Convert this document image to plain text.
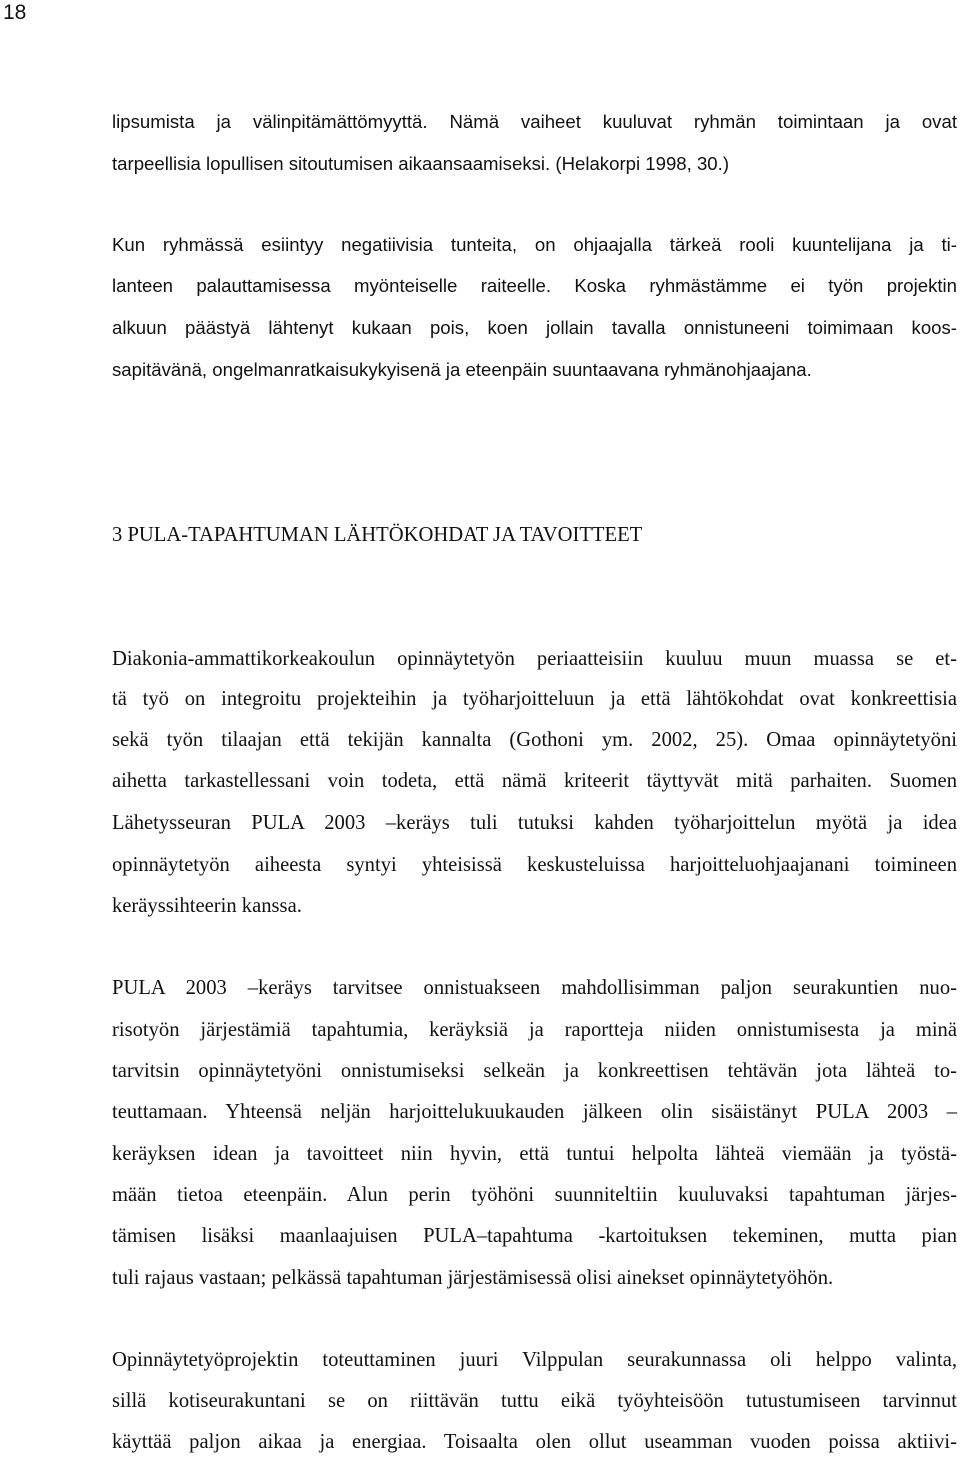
18
lipsumista ja välinpitämättömyyttä. Nämä vaiheet kuuluvat ryhmän toimintaan ja ovat
tarpeellisia lopullisen sitoutumisen aikaansaamiseksi. (Helakorpi 1998, 30.)
Kun ryhmässä esiintyy negatiivisia tunteita, on ohjaajalla tärkeä rooli kuuntelijana ja ti-
lanteen palauttamisessa myönteiselle raiteelle. Koska ryhmästämme ei työn projektin
alkuun päästyä lähtenyt kukaan pois, koen jollain tavalla onnistuneeni toimimaan koos-
sapitävänä, ongelmanratkaisukykyisenä ja eteenpäin suuntaavana ryhmänohjaajana.
3 PULA-TAPAHTUMAN LÄHTÖKOHDAT JA TAVOITTEET
Diakonia-ammattikorkeakoulun opinnäytetyön periaatteisiin kuuluu muun muassa se et-
tä työ on integroitu projekteihin ja työharjoitteluun ja että lähtökohdat ovat konkreettisia
sekä työn tilaajan että tekijän kannalta (Gothoni ym. 2002, 25). Omaa opinnäytetyöni
aihetta tarkastellessani voin todeta, että nämä kriteerit täyttyvät mitä parhaiten. Suomen
Lähetysseuran PULA 2003 –keräys tuli tutuksi kahden työharjoittelun myötä ja idea
opinnäytetyön aiheesta syntyi yhteisissä keskusteluissa harjoitteluohjaajanani toimineen
keräyssihteerin kanssa.
PULA 2003 –keräys tarvitsee onnistuakseen mahdollisimman paljon seurakuntien nuo-
risotyön järjestämiä tapahtumia, keräyksiä ja raportteja niiden onnistumisesta ja minä
tarvitsin opinnäytetyöni onnistumiseksi selkeän ja konkreettisen tehtävän jota lähteä to-
teuttamaan. Yhteensä neljän harjoittelukuukauden jälkeen olin sisäistänyt PULA 2003 –
keräyksen idean ja tavoitteet niin hyvin, että tuntui helpolta lähteä viemään ja työstä-
mään tietoa eteenpäin. Alun perin työhöni suunniteltiin kuuluvaksi tapahtuman järjes-
tämisen lisäksi maanlaajuisen PULA–tapahtuma -kartoituksen tekeminen, mutta pian
tuli rajaus vastaan; pelkässä tapahtuman järjestämisessä olisi ainekset opinnäytetyöhön.
Opinnäytetyöprojektin toteuttaminen juuri Vilppulan seurakunnassa oli helppo valinta,
sillä kotiseurakuntani se on riittävän tuttu eikä työyhteisöön tutustumiseen tarvinnut
käyttää paljon aikaa ja energiaa. Toisaalta olen ollut useamman vuoden poissa aktiivi-
